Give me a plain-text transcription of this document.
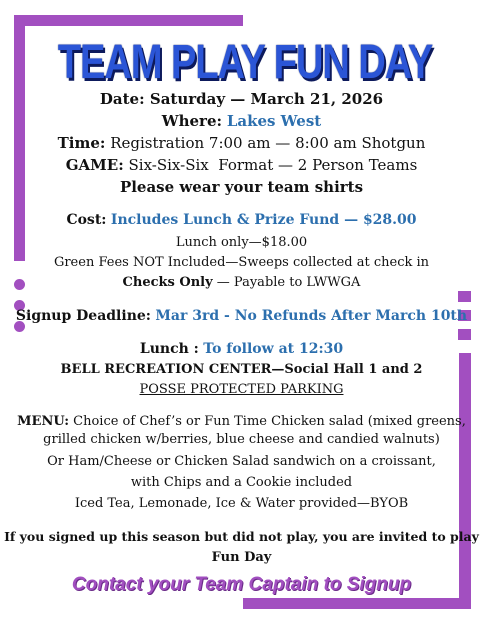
TEAM PLAY FUN DAY
Date: Saturday — March 21, 2026
Where: Lakes West
Time: Registration 7:00 am — 8:00 am Shotgun
GAME: Six-Six-Six  Format — 2 Person Teams
Please wear your team shirts
Cost: Includes Lunch & Prize Fund — $28.00
Lunch only—$18.00
Green Fees NOT Included—Sweeps collected at check in
Checks Only — Payable to LWWGA
Signup Deadline: Mar 3rd - No Refunds After March 10th
Lunch : To follow at 12:30
BELL RECREATION CENTER—Social Hall 1 and 2
POSSE PROTECTED PARKING
MENU: Choice of Chef’s or Fun Time Chicken salad (mixed greens,
grilled chicken w/berries, blue cheese and candied walnuts)
Or Ham/Cheese or Chicken Salad sandwich on a croissant,
with Chips and a Cookie included
Iced Tea, Lemonade, Ice & Water provided—BYOB
If you signed up this season but did not play, you are invited to play
Fun Day
Contact your Team Captain to Signup
